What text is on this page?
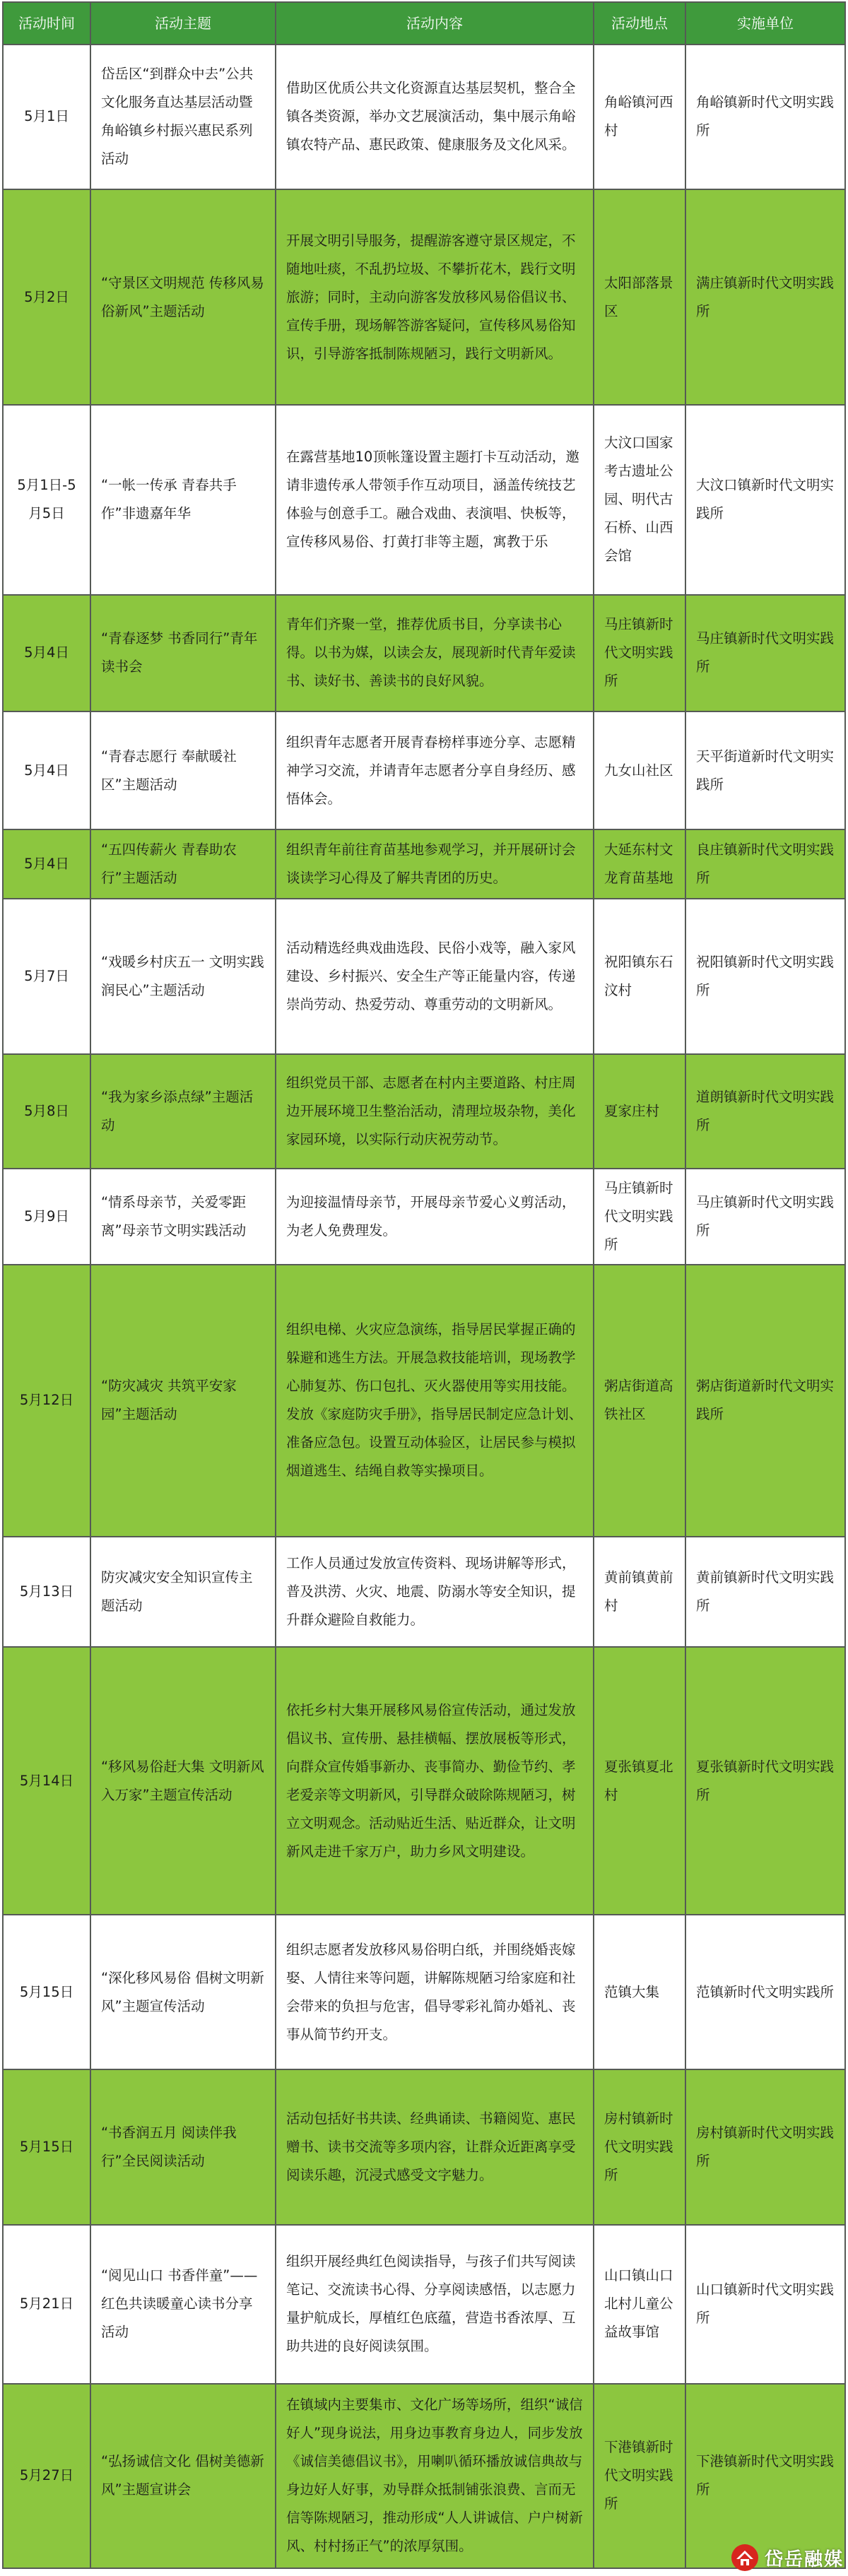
活动时间	活动主题	活动内容	活动地点	实施单位
5月1日	岱岳区“到群众中去”公共文化服务直达基层活动暨角峪镇乡村振兴惠民系列活动	借助区优质公共文化资源直达基层契机，整合全镇各类资源，举办文艺展演活动，集中展示角峪镇农特产品、惠民政策、健康服务及文化风采。	角峪镇河西村	角峪镇新时代文明实践所
5月2日	“守景区文明规范 传移风易俗新风”主题活动	开展文明引导服务，提醒游客遵守景区规定，不随地吐痰，不乱扔垃圾、不攀折花木，践行文明旅游；同时，主动向游客发放移风易俗倡议书、宣传手册，现场解答游客疑问，宣传移风易俗知识，引导游客抵制陈规陋习，践行文明新风。	太阳部落景区	满庄镇新时代文明实践所
5月1日-5月5日	“一帐一传承 青春共手作”非遗嘉年华	在露营基地10顶帐篷设置主题打卡互动活动，邀请非遗传承人带领手作互动项目，涵盖传统技艺体验与创意手工。融合戏曲、表演唱、快板等，宣传移风易俗、打黄打非等主题，寓教于乐	大汶口国家考古遗址公园、明代古石桥、山西会馆	大汶口镇新时代文明实践所
5月4日	“青春逐梦 书香同行”青年读书会	青年们齐聚一堂，推荐优质书目，分享读书心得。以书为媒，以读会友，展现新时代青年爱读书、读好书、善读书的良好风貌。	马庄镇新时代文明实践所	马庄镇新时代文明实践所
5月4日	“青春志愿行 奉献暖社区”主题活动	组织青年志愿者开展青春榜样事迹分享、志愿精神学习交流，并请青年志愿者分享自身经历、感悟体会。	九女山社区	天平街道新时代文明实践所
5月4日	“五四传薪火 青春助农行”主题活动	组织青年前往育苗基地参观学习，并开展研讨会谈读学习心得及了解共青团的历史。	大延东村文龙育苗基地	良庄镇新时代文明实践所
5月7日	“戏暖乡村庆五一 文明实践润民心”主题活动	活动精选经典戏曲选段、民俗小戏等，融入家风建设、乡村振兴、安全生产等正能量内容，传递崇尚劳动、热爱劳动、尊重劳动的文明新风。	祝阳镇东石汶村	祝阳镇新时代文明实践所
5月8日	“我为家乡添点绿”主题活动	组织党员干部、志愿者在村内主要道路、村庄周边开展环境卫生整治活动，清理垃圾杂物，美化家园环境，以实际行动庆祝劳动节。	夏家庄村	道朗镇新时代文明实践所
5月9日	“情系母亲节，关爱零距离”母亲节文明实践活动	为迎接温情母亲节，开展母亲节爱心义剪活动，为老人免费理发。	马庄镇新时代文明实践所	马庄镇新时代文明实践所
5月12日	“防灾减灾 共筑平安家园”主题活动	组织电梯、火灾应急演练，指导居民掌握正确的躲避和逃生方法。开展急救技能培训，现场教学心肺复苏、伤口包扎、灭火器使用等实用技能。发放《家庭防灾手册》，指导居民制定应急计划、准备应急包。设置互动体验区，让居民参与模拟烟道逃生、结绳自救等实操项目。	粥店街道高铁社区	粥店街道新时代文明实践所
5月13日	防灾减灾安全知识宣传主题活动	工作人员通过发放宣传资料、现场讲解等形式，普及洪涝、火灾、地震、防溺水等安全知识，提升群众避险自救能力。	黄前镇黄前村	黄前镇新时代文明实践所
5月14日	“移风易俗赶大集 文明新风入万家”主题宣传活动	依托乡村大集开展移风易俗宣传活动，通过发放倡议书、宣传册、悬挂横幅、摆放展板等形式，向群众宣传婚事新办、丧事简办、勤俭节约、孝老爱亲等文明新风，引导群众破除陈规陋习，树立文明观念。活动贴近生活、贴近群众，让文明新风走进千家万户，助力乡风文明建设。	夏张镇夏北村	夏张镇新时代文明实践所
5月15日	“深化移风易俗 倡树文明新风”主题宣传活动	组织志愿者发放移风易俗明白纸，并围绕婚丧嫁娶、人情往来等问题，讲解陈规陋习给家庭和社会带来的负担与危害，倡导零彩礼简办婚礼、丧事从简节约开支。	范镇大集	范镇新时代文明实践所
5月15日	“书香润五月 阅读伴我行”全民阅读活动	活动包括好书共读、经典诵读、书籍阅览、惠民赠书、读书交流等多项内容，让群众近距离享受阅读乐趣，沉浸式感受文字魅力。	房村镇新时代文明实践所	房村镇新时代文明实践所
5月21日	“阅见山口 书香伴童”——红色共读暖童心读书分享活动	组织开展经典红色阅读指导，与孩子们共写阅读笔记、交流读书心得、分享阅读感悟，以志愿力量护航成长，厚植红色底蕴，营造书香浓厚、互助共进的良好阅读氛围。	山口镇山口北村儿童公益故事馆	山口镇新时代文明实践所
5月27日	“弘扬诚信文化 倡树美德新风”主题宣讲会	在镇域内主要集市、文化广场等场所，组织“诚信好人”现身说法，用身边事教育身边人，同步发放《诚信美德倡议书》，用喇叭循环播放诚信典故与身边好人好事，劝导群众抵制铺张浪费、言而无信等陈规陋习，推动形成“人人讲诚信、户户树新风、村村扬正气”的浓厚氛围。	下港镇新时代文明实践所	下港镇新时代文明实践所
岱岳融媒
